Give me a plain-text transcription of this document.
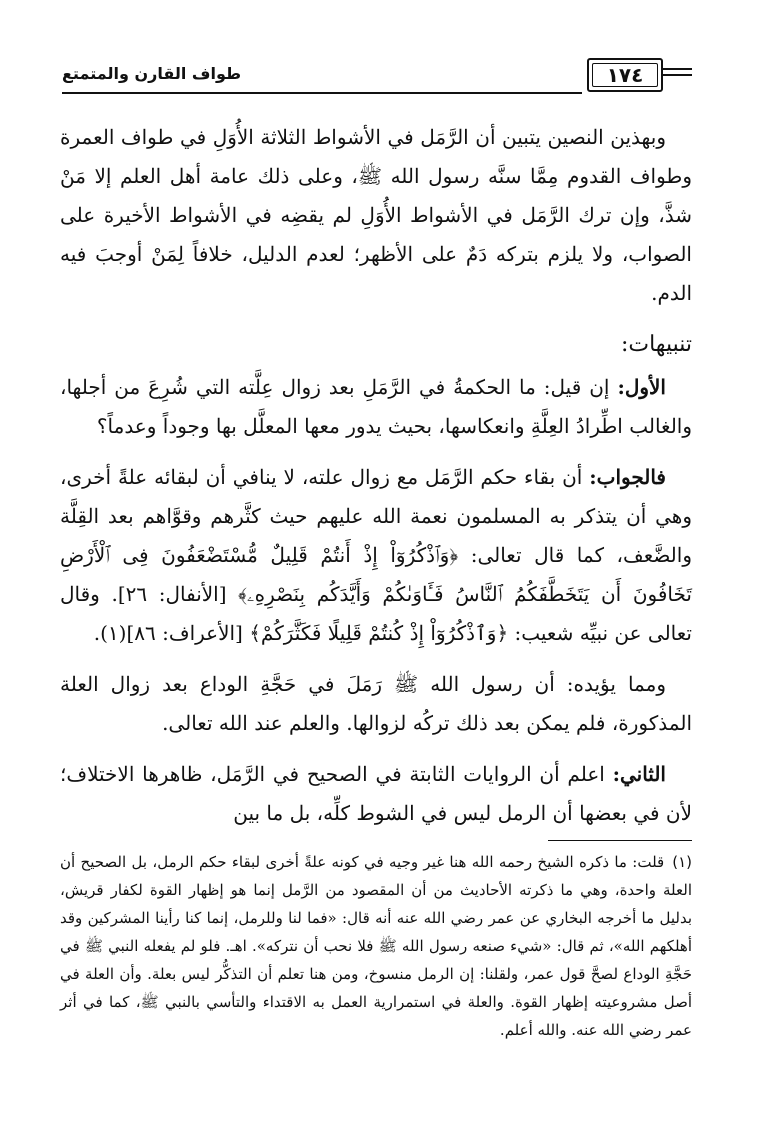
طواف القارن والمتمتع	١٧٤

وبهذين النصين يتبين أن الرَّمَل في الأشواط الثلاثة الأُوَلِ في طواف العمرة وطواف القدوم مِمَّا سنَّه رسول الله ﷺ، وعلى ذلك عامة أهل العلم إلا مَنْ شذَّ، وإن ترك الرَّمَل في الأشواط الأُوَلِ لم يقضِه في الأشواط الأخيرة على الصواب، ولا يلزم بتركه دَمٌ على الأظهر؛ لعدم الدليل، خلافاً لِمَنْ أوجبَ فيه الدم.

تنبيهات:

الأول: إن قيل: ما الحكمةُ في الرَّمَلِ بعد زوال عِلَّته التي شُرِعَ من أجلها، والغالب اطِّرادُ العِلَّةِ وانعكاسها، بحيث يدور معها المعلَّل بها وجوداً وعدماً؟

فالجواب: أن بقاء حكم الرَّمَل مع زوال علته، لا ينافي أن لبقائه علةً أخرى، وهي أن يتذكر به المسلمون نعمة الله عليهم حيث كثَّرهم وقوَّاهم بعد القِلَّة والضَّعف، كما قال تعالى: ﴿وَٱذْكُرُوٓاْ إِذْ أَنتُمْ قَلِيلٌ مُّسْتَضْعَفُونَ فِى ٱلْأَرْضِ تَخَافُونَ أَن يَتَخَطَّفَكُمُ ٱلنَّاسُ فَـَٔاوَىٰكُمْ وَأَيَّدَكُم بِنَصْرِهِۦ﴾ [الأنفال: ٢٦]. وقال تعالى عن نبيِّه شعيب: ﴿وَٱذْكُرُوٓاْ إِذْ كُنتُمْ قَلِيلًا فَكَثَّرَكُمْ﴾ [الأعراف: ٨٦](١).

ومما يؤيده: أن رسول الله ﷺ رَمَلَ في حَجَّةِ الوداع بعد زوال العلة المذكورة، فلم يمكن بعد ذلك تركُه لزوالها. والعلم عند الله تعالى.

الثاني: اعلم أن الروايات الثابتة في الصحيح في الرَّمَل، ظاهرها الاختلاف؛ لأن في بعضها أن الرمل ليس في الشوط كلِّه، بل ما بين

(١)قلت: ما ذكره الشيخ رحمه الله هنا غير وجيه في كونه علةً أخرى لبقاء حكم الرمل، بل الصحيح أن العلة واحدة، وهي ما ذكرته الأحاديث من أن المقصود من الرَّمل إنما هو إظهار القوة لكفار قريش، بدليل ما أخرجه البخاري عن عمر رضي الله عنه أنه قال: «فما لنا وللرمل، إنما كنا رأينا المشركين وقد أهلكهم الله»، ثم قال: «شيء صنعه رسول الله ﷺ فلا نحب أن نتركه». اهـ. فلو لم يفعله النبي ﷺ في حَجَّةِ الوداع لصحَّ قول عمر، ولقلنا: إن الرمل منسوخ، ومن هنا تعلم أن التذكُّر ليس بعلة. وأن العلة في أصل مشروعيته إظهار القوة. والعلة في استمرارية العمل به الاقتداء والتأسي بالنبي ﷺ، كما في أثر عمر رضي الله عنه. والله أعلم.
